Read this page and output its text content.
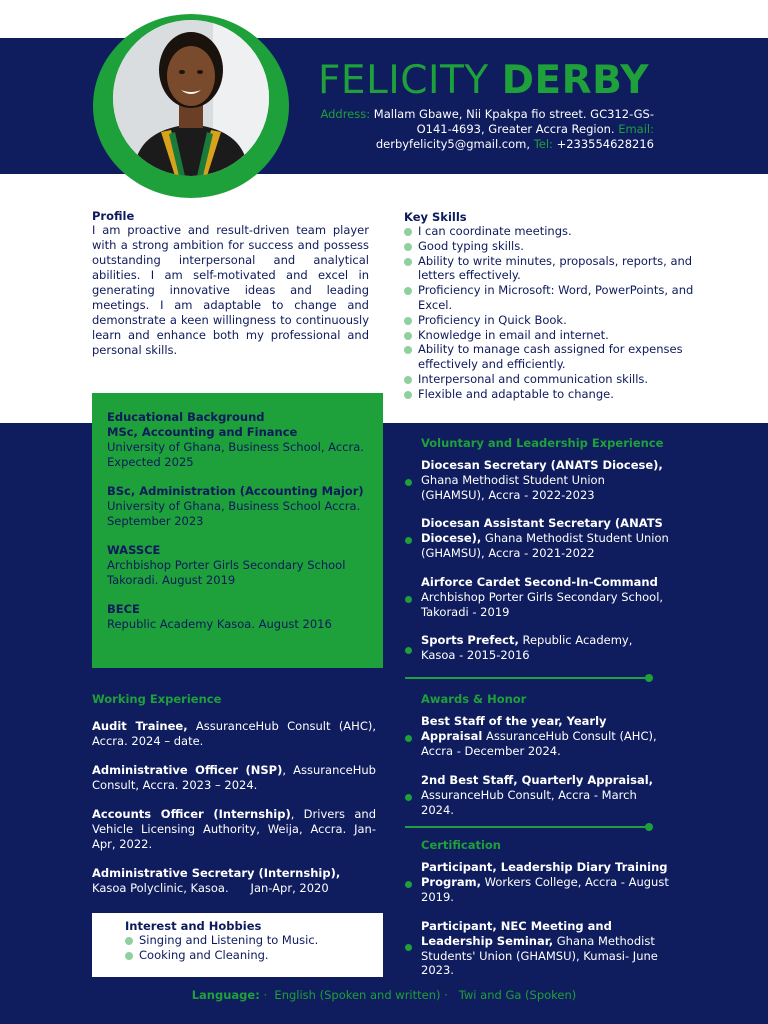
FELICITY DERBY
Address: Mallam Gbawe, Nii Kpakpa fio street. GC312-GS-O141-4693, Greater Accra Region. Email: derbyfelicity5@gmail.com, Tel: +233554628216
Profile

I am proactive and result-driven team player with a strong ambition for success and possess outstanding interpersonal and analytical abilities. I am self-motivated and excel in generating innovative ideas and leading meetings. I am adaptable to change and demonstrate a keen willingness to continuously learn and enhance both my professional and personal skills.

Key Skills
I can coordinate meetings.
Good typing skills.
Ability to write minutes, proposals, reports, and letters effectively.
Proficiency in Microsoft: Word, PowerPoints, and Excel.
Proficiency in Quick Book.
Knowledge in email and internet.
Ability to manage cash assigned for expenses effectively and efficiently.
Interpersonal and communication skills.
Flexible and adaptable to change.
Educational Background
MSc, Accounting and Finance
University of Ghana, Business School, Accra. Expected 2025
BSc, Administration (Accounting Major)
University of Ghana, Business School Accra. September 2023
WASSCE
Archbishop Porter Girls Secondary School Takoradi. August 2019
BECE
Republic Academy Kasoa. August 2016
Working Experience
Audit Trainee, AssuranceHub Consult (AHC), Accra. 2024 – date.
Administrative Officer (NSP), AssuranceHub Consult, Accra. 2023 – 2024.
Accounts Officer (Internship), Drivers and Vehicle Licensing Authority, Weija, Accra. Jan-Apr, 2022.
Administrative Secretary (Internship),
Kasoa Polyclinic, Kasoa.      Jan-Apr, 2020
Interest and Hobbies
Singing and Listening to Music.
Cooking and Cleaning.
Voluntary and Leadership Experience
Diocesan Secretary (ANATS Diocese), Ghana Methodist Student Union (GHAMSU), Accra - 2022-2023
Diocesan Assistant Secretary (ANATS Diocese), Ghana Methodist Student Union (GHAMSU), Accra - 2021-2022
Airforce Cardet Second-In-Command Archbishop Porter Girls Secondary School, Takoradi - 2019
Sports Prefect, Republic Academy, Kasoa - 2015-2016
Awards & Honor
Best Staff of the year, Yearly Appraisal AssuranceHub Consult (AHC), Accra - December 2024.
2nd Best Staff, Quarterly Appraisal, AssuranceHub Consult, Accra - March 2024.
Certification
Participant, Leadership Diary Training Program, Workers College, Accra - August 2019.
Participant, NEC Meeting and Leadership Seminar, Ghana Methodist Students' Union (GHAMSU), Kumasi- June 2023.
Language: ·  English (Spoken and written) ·   Twi and Ga (Spoken)
